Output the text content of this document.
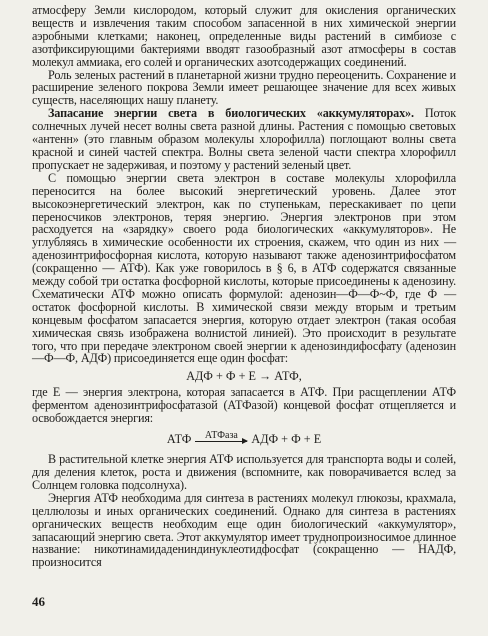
атмосферу Земли кислородом, который служит для окисления органических веществ и извлечения таким способом запасенной в них химической энергии аэробными клетками; наконец, определенные виды растений в симбиозе с азотфиксирующими бактериями вводят газообразный азот атмосферы в состав молекул аммиака, его солей и органических азотсодержащих соединений.

Роль зеленых растений в планетарной жизни трудно переоценить. Сохранение и расширение зеленого покрова Земли имеет решающее значение для всех живых существ, населяющих нашу планету.

Запасание энергии света в биологических «аккумуляторах». Поток солнечных лучей несет волны света разной длины. Растения с помощью световых «антенн» (это главным образом молекулы хлорофилла) поглощают волны света красной и синей частей спектра. Волны света зеленой части спектра хлорофилл пропускает не задерживая, и поэтому у растений зеленый цвет.

С помощью энергии света электрон в составе молекулы хлорофилла переносится на более высокий энергетический уровень. Далее этот высокоэнергетический электрон, как по ступенькам, перескакивает по цепи переносчиков электронов, теряя энергию. Энергия электронов при этом расходуется на «зарядку» своего рода биологических «аккумуляторов». Не углубляясь в химические особенности их строения, скажем, что один из них — аденозинтрифосфорная кислота, которую называют также аденозинтрифосфатом (сокращенно — АТФ). Как уже говорилось в § 6, в АТФ содержатся связанные между собой три остатка фосфорной кислоты, которые присоединены к аденозину. Схематически АТФ можно описать формулой: аденозин—Ф—Ф~Ф, где Ф — остаток фосфорной кислоты. В химической связи между вторым и третьим концевым фосфатом запасается энергия, которую отдает электрон (такая особая химическая связь изображена волнистой линией). Это происходит в результате того, что при передаче электроном своей энергии к аденозиндифосфату (аденозин—Ф—Ф, АДФ) присоединяется еще один фосфат:

АДФ + Ф + E → АТФ,

где E — энергия электрона, которая запасается в АТФ. При расщеплении АТФ ферментом аденозинтрифосфатазой (АТФазой) концевой фосфат отщепляется и освобождается энергия:

АТФ АТФаза АДФ + Ф + E

В растительной клетке энергия АТФ используется для транспорта воды и солей, для деления клеток, роста и движения (вспомните, как поворачивается вслед за Солнцем головка подсолнуха).

Энергия АТФ необходима для синтеза в растениях молекул глюкозы, крахмала, целлюлозы и иных органических соединений. Однако для синтеза в растениях органических веществ необходим еще один биологический «аккумулятор», запасающий энергию света. Этот аккумулятор имеет труднопроизносимое длинное название: никотинамидадениндинуклеотидфосфат (сокращенно — НАДФ, произносится

46
